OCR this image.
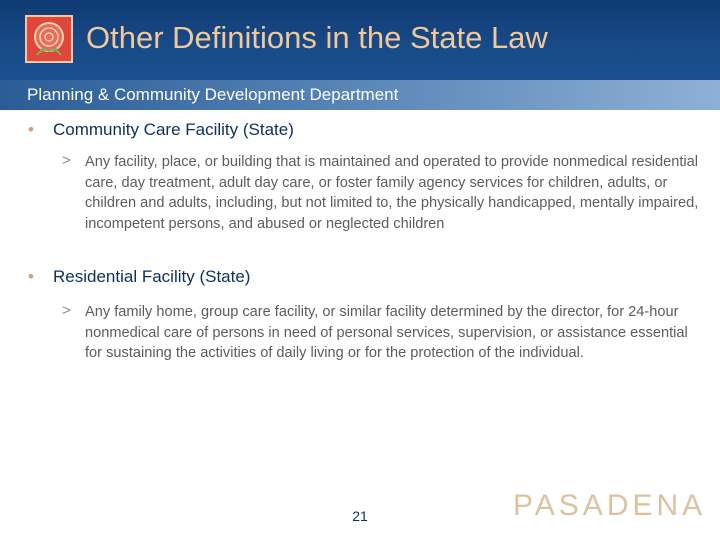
Other Definitions in the State Law
Planning & Community Development Department
• Community Care Facility (State)
> Any facility, place, or building that is maintained and operated to provide nonmedical residential care, day treatment, adult day care, or foster family agency services for children, adults, or children and adults, including, but not limited to, the physically handicapped, mentally impaired, incompetent persons, and abused or neglected children
• Residential Facility (State)
> Any family home, group care facility, or similar facility determined by the director, for 24-hour nonmedical care of persons in need of personal services, supervision, or assistance essential for sustaining the activities of daily living or for the protection of the individual.
21	PASADENA
